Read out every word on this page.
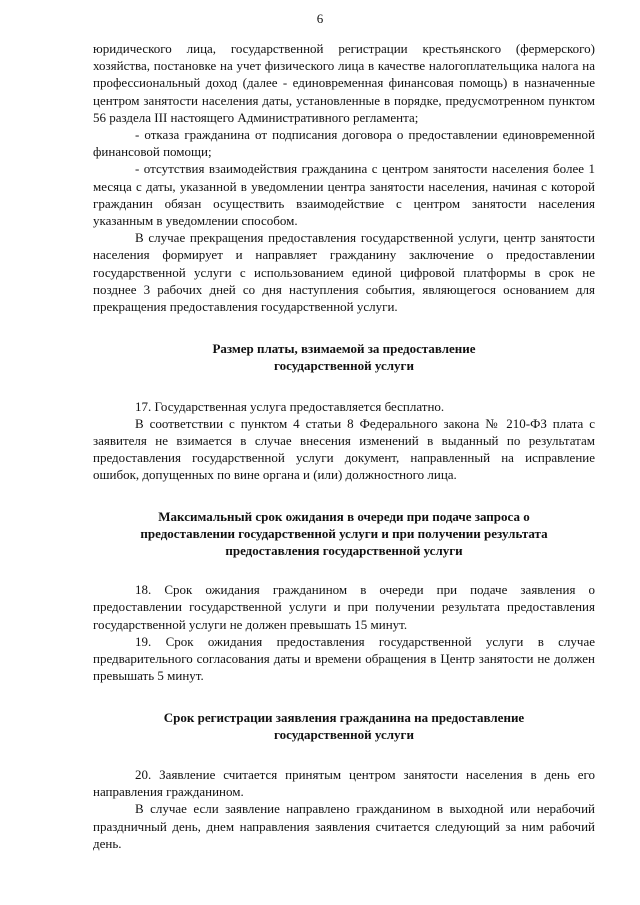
6

юридического лица, государственной регистрации крестьянского (фермерского) хозяйства, постановке на учет физического лица в качестве налогоплательщика налога на профессиональный доход (далее - единовременная финансовая помощь) в назначенные центром занятости населения даты, установленные в порядке, предусмотренном пунктом 56 раздела III настоящего Административного регламента;

- отказа гражданина от подписания договора о предоставлении единовременной финансовой помощи;

- отсутствия взаимодействия гражданина с центром занятости населения более 1 месяца с даты, указанной в уведомлении центра занятости населения, начиная с которой гражданин обязан осуществить взаимодействие с центром занятости населения указанным в уведомлении способом.

В случае прекращения предоставления государственной услуги, центр занятости населения формирует и направляет гражданину заключение о предоставлении государственной услуги с использованием единой цифровой платформы в срок не позднее 3 рабочих дней со дня наступления события, являющегося основанием для прекращения предоставления государственной услуги.

Размер платы, взимаемой за предоставление
государственной услуги

17. Государственная услуга предоставляется бесплатно.

В соответствии с пунктом 4 статьи 8 Федерального закона № 210-ФЗ плата с заявителя не взимается в случае внесения изменений в выданный по результатам предоставления государственной услуги документ, направленный на исправление ошибок, допущенных по вине органа и (или) должностного лица.

Максимальный срок ожидания в очереди при подаче запроса о
предоставлении государственной услуги и при получении результата
предоставления государственной услуги

18. Срок ожидания гражданином в очереди при подаче заявления о предоставлении государственной услуги и при получении результата предоставления государственной услуги не должен превышать 15 минут.

19. Срок ожидания предоставления государственной услуги в случае предварительного согласования даты и времени обращения в Центр занятости не должен превышать 5 минут.

Срок регистрации заявления гражданина на предоставление
государственной услуги

20. Заявление считается принятым центром занятости населения в день его направления гражданином.

В случае если заявление направлено гражданином в выходной или нерабочий праздничный день, днем направления заявления считается следующий за ним рабочий день.
